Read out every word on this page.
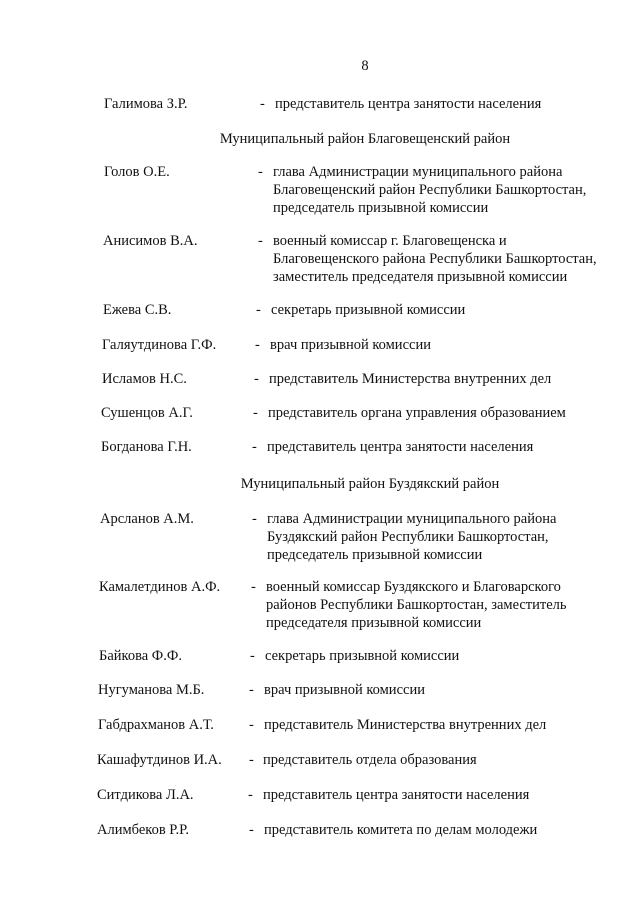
8
Галимова З.Р.	- представитель центра занятости населения
Муниципальный район Благовещенский район
Голов О.Е.	- глава Администрации муниципального района
Благовещенский район Республики Башкортостан,
председатель призывной комиссии
Анисимов В.А.	- военный комиссар г. Благовещенска и
Благовещенского района Республики Башкортостан,
заместитель председателя призывной комиссии
Ежева С.В.	- секретарь призывной комиссии
Галяутдинова Г.Ф.	- врач призывной комиссии
Исламов Н.С.	- представитель Министерства внутренних дел
Сушенцов А.Г.	- представитель органа управления образованием
Богданова Г.Н.	- представитель центра занятости населения
Муниципальный район Буздякский район
Арсланов А.М.	- глава Администрации муниципального района
Буздякский район Республики Башкортостан,
председатель призывной комиссии
Камалетдинов А.Ф. - военный комиссар Буздякского и Благоварского
районов Республики Башкортостан, заместитель
председателя призывной комиссии
Байкова Ф.Ф.	- секретарь призывной комиссии
Нугуманова М.Б.	- врач призывной комиссии
Габдрахманов А.Т. - представитель Министерства внутренних дел
Кашафутдинов И.А. - представитель отдела образования
Ситдикова Л.А.	- представитель центра занятости населения
Алимбеков Р.Р.	- представитель комитета по делам молодежи
